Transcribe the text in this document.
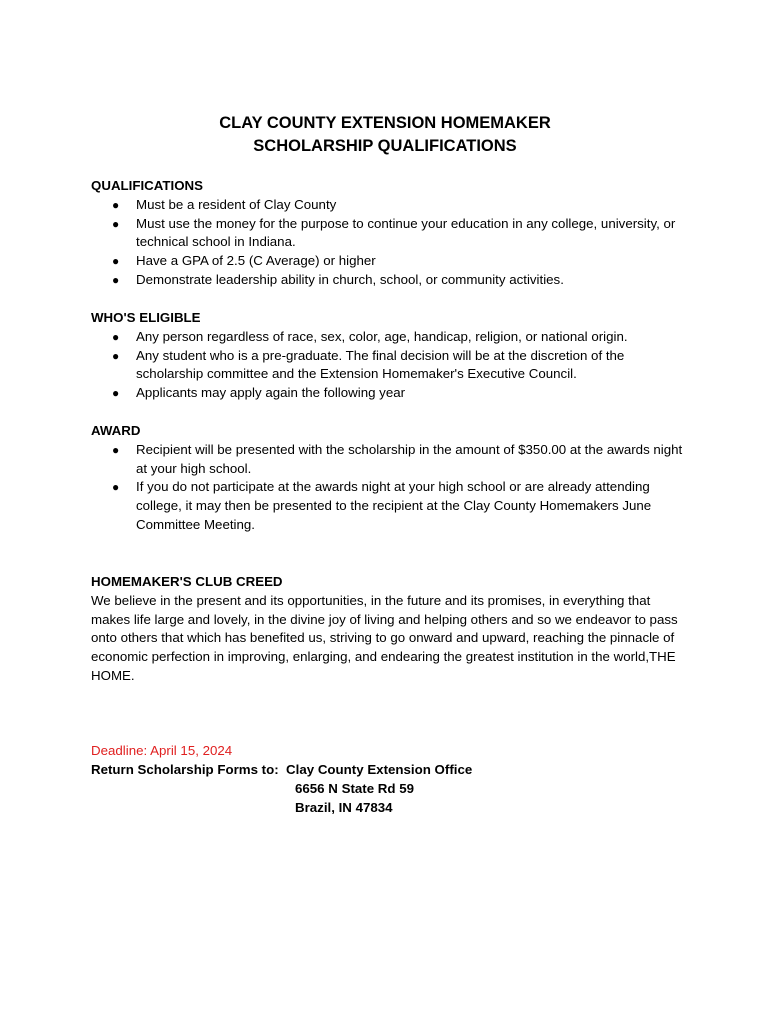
CLAY COUNTY EXTENSION HOMEMAKER
SCHOLARSHIP QUALIFICATIONS
QUALIFICATIONS
● Must be a resident of Clay County
● Must use the money for the purpose to continue your education in any college, university, or technical school in Indiana.
● Have a GPA of 2.5 (C Average) or higher
● Demonstrate leadership ability in church, school, or community activities.
WHO'S ELIGIBLE
● Any person regardless of race, sex, color, age, handicap, religion, or national origin.
● Any student who is a pre-graduate. The final decision will be at the discretion of the scholarship committee and the Extension Homemaker's Executive Council.
● Applicants may apply again the following year
AWARD
● Recipient will be presented with the scholarship in the amount of $350.00 at the awards night at your high school.
● If you do not participate at the awards night at your high school or are already attending college, it may then be presented to the recipient at the Clay County Homemakers June Committee Meeting.
HOMEMAKER'S CLUB CREED

We believe in the present and its opportunities, in the future and its promises, in everything that makes life large and lovely, in the divine joy of living and helping others and so we endeavor to pass onto others that which has benefited us, striving to go onward and upward, reaching the pinnacle of economic perfection in improving, enlarging, and endearing the greatest institution in the world,THE HOME.

Deadline: April 15, 2024
Return Scholarship Forms to: Clay County Extension Office
6656 N State Rd 59
Brazil, IN 47834
